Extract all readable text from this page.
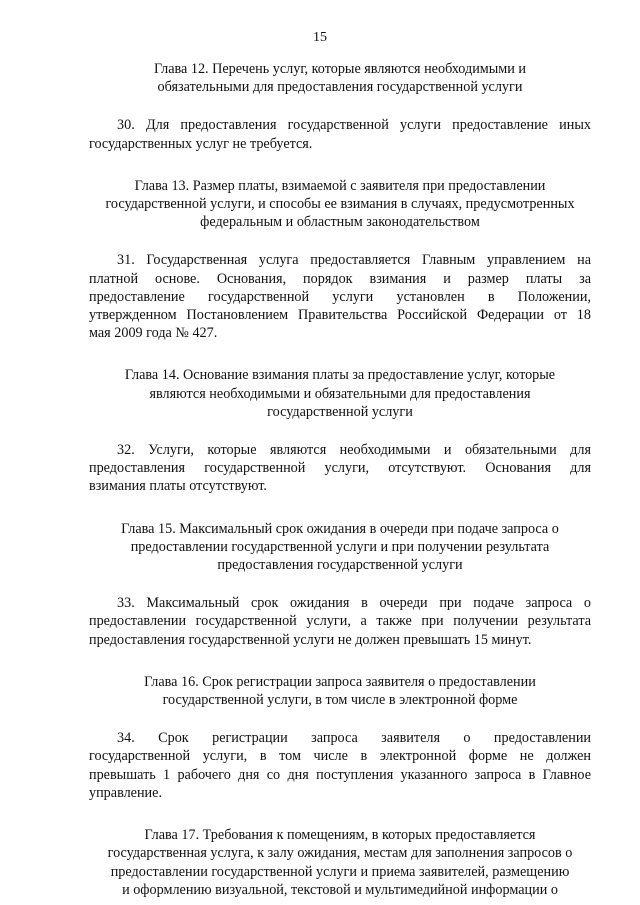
15
Глава 12. Перечень услуг, которые являются необходимыми и
обязательными для предоставления государственной услуги
30. Для предоставления государственной услуги предоставление иных
государственных услуг не требуется.
Глава 13. Размер платы, взимаемой с заявителя при предоставлении
государственной услуги, и способы ее взимания в случаях, предусмотренных
федеральным и областным законодательством
31. Государственная услуга предоставляется Главным управлением на
платной основе. Основания, порядок взимания и размер платы за
предоставление государственной услуги установлен в Положении,
утвержденном Постановлением Правительства Российской Федерации от 18
мая 2009 года № 427.
Глава 14. Основание взимания платы за предоставление услуг, которые
являются необходимыми и обязательными для предоставления
государственной услуги
32. Услуги, которые являются необходимыми и обязательными для
предоставления государственной услуги, отсутствуют. Основания для
взимания платы отсутствуют.
Глава 15. Максимальный срок ожидания в очереди при подаче запроса о
предоставлении государственной услуги и при получении результата
предоставления государственной услуги
33. Максимальный срок ожидания в очереди при подаче запроса о
предоставлении государственной услуги, а также при получении результата
предоставления государственной услуги не должен превышать 15 минут.
Глава 16. Срок регистрации запроса заявителя о предоставлении
государственной услуги, в том числе в электронной форме
34. Срок регистрации запроса заявителя о предоставлении
государственной услуги, в том числе в электронной форме не должен
превышать 1 рабочего дня со дня поступления указанного запроса в Главное
управление.
Глава 17. Требования к помещениям, в которых предоставляется
государственная услуга, к залу ожидания, местам для заполнения запросов о
предоставлении государственной услуги и приема заявителей, размещению
и оформлению визуальной, текстовой и мультимедийной информации о
